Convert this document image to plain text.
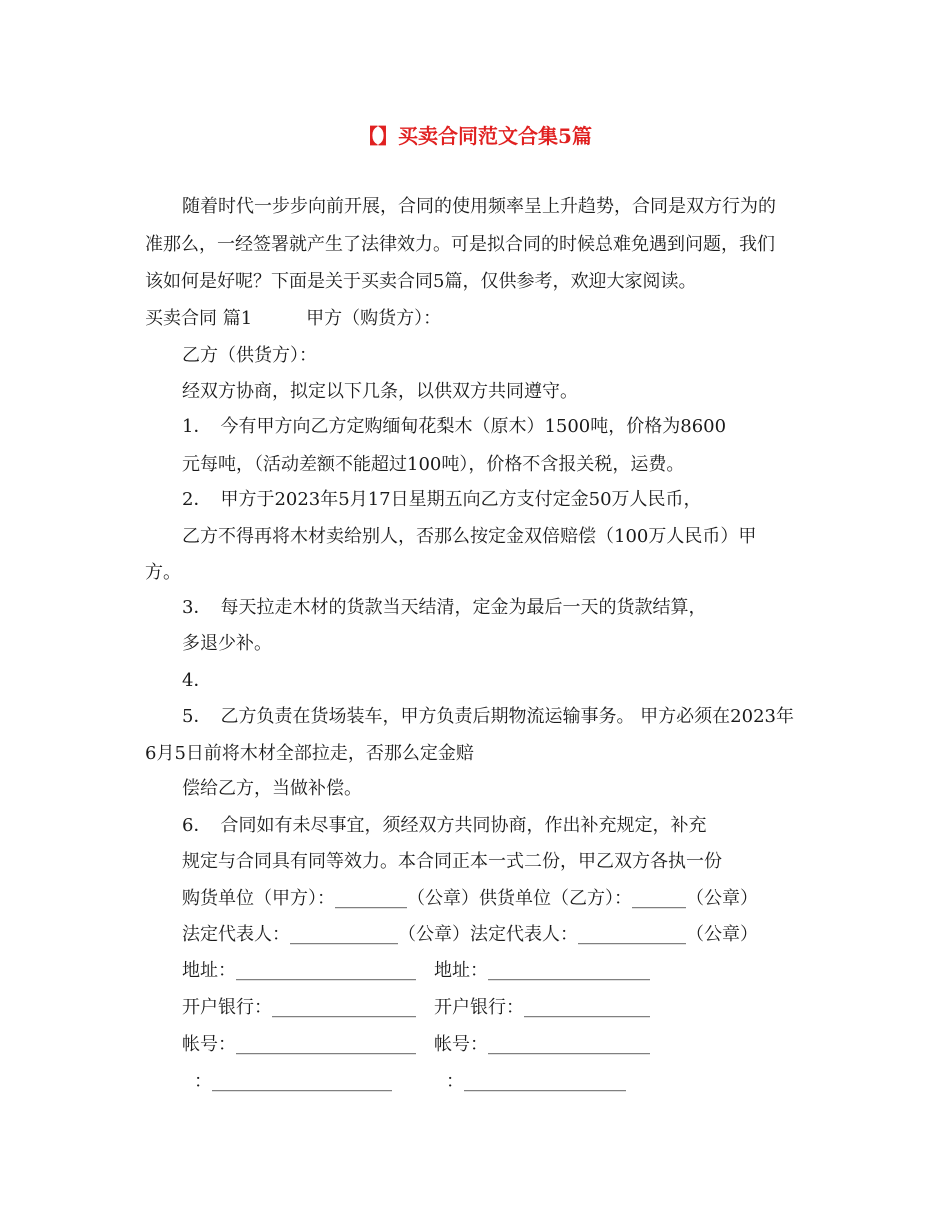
【】买卖合同范文合集5篇

随着时代一步步向前开展，合同的使用频率呈上升趋势，合同是双方行为的

准那么，一经签署就产生了法律效力。可是拟合同的时候总难免遇到问题，我们

该如何是好呢？下面是关于买卖合同5篇，仅供参考，欢迎大家阅读。

买卖合同 篇1　　　甲方（购货方）：

乙方（供货方）：

经双方协商，拟定以下几条，以供双方共同遵守。

1．　今有甲方向乙方定购缅甸花梨木（原木）1500吨，价格为8600

元每吨，（活动差额不能超过100吨），价格不含报关税，运费。

2．　甲方于2023年5月17日星期五向乙方支付定金50万人民币，

乙方不得再将木材卖给别人，否那么按定金双倍赔偿（100万人民币）甲

方。

3．　每天拉走木材的货款当天结清，定金为最后一天的货款结算，

多退少补。

4．

5．　乙方负责在货场装车，甲方负责后期物流运输事务。 甲方必须在2023年

6月5日前将木材全部拉走，否那么定金赔

偿给乙方，当做补偿。

6．　合同如有未尽事宜，须经双方共同协商，作出补充规定，补充

规定与合同具有同等效力。本合同正本一式二份，甲乙双方各执一份

购货单位（甲方）：________（公章）供货单位（乙方）：______（公章）

法定代表人：____________（公章）法定代表人：____________（公章）

地址：____________________　地址：__________________

开户银行：________________　开户银行：______________

帐号：____________________　帐号：__________________

：____________________　　　：__________________
